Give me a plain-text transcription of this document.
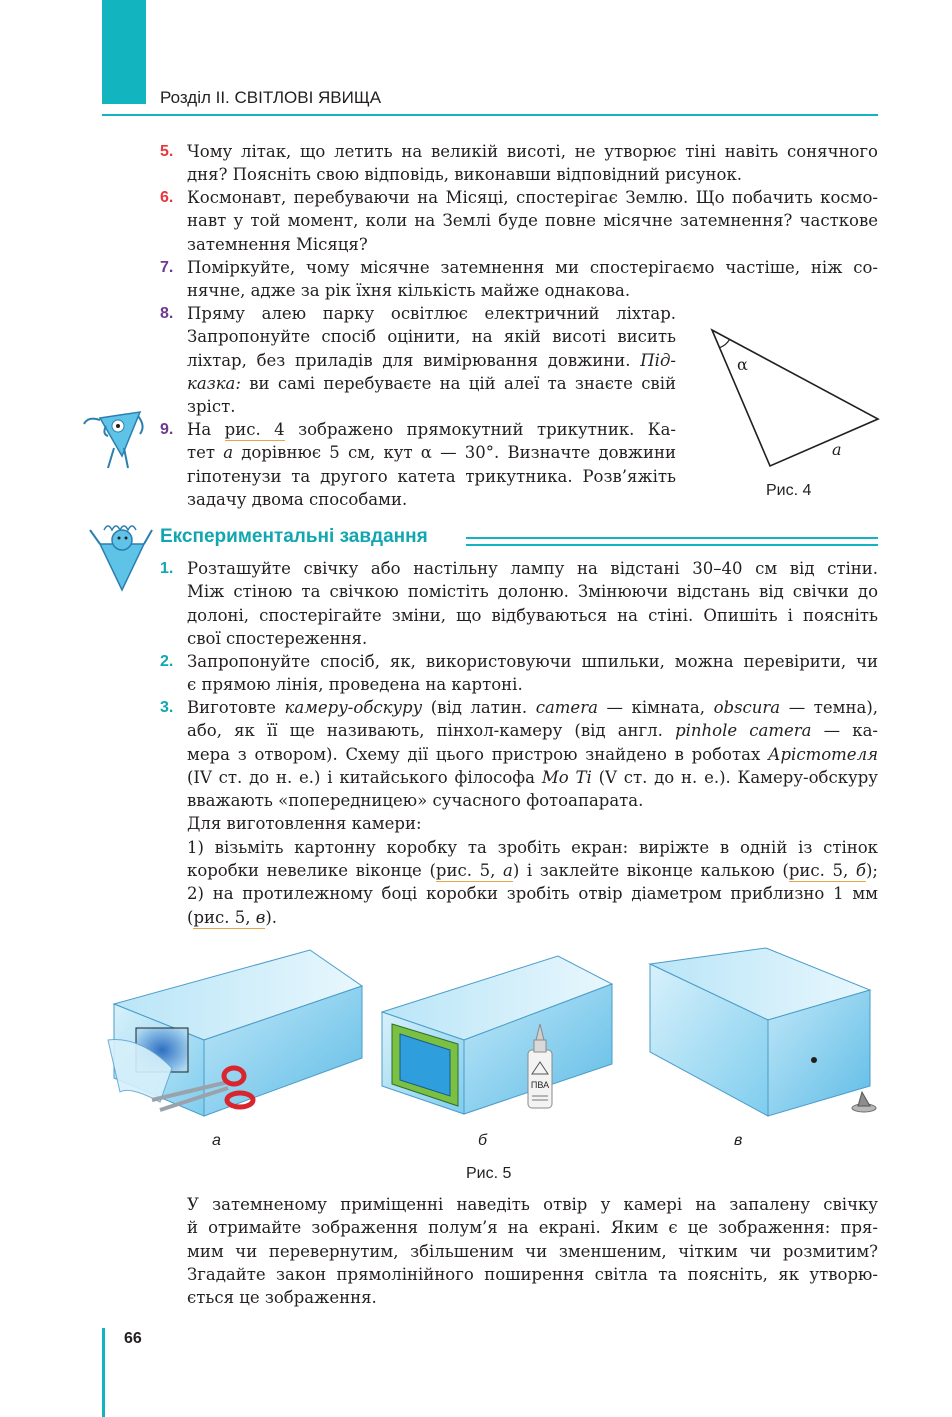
Розділ ІІ. СВІТЛОВІ ЯВИЩА
5. Чому літак, що летить на великій висоті, не утворює тіні навіть сонячного
дня? Поясніть свою відповідь, виконавши відповідний рисунок.
6. Космонавт, перебуваючи на Місяці, спостерігає Землю. Що побачить космо-
навт у той момент, коли на Землі буде повне місячне затемнення? часткове
затемнення Місяця?
7. Поміркуйте, чому місячне затемнення ми спостерігаємо частіше, ніж со-
нячне, адже за рік їхня кількість майже однакова.
8. Пряму алею парку освітлює електричний ліхтар.
Запропонуйте спосіб оцінити, на якій висоті висить
ліхтар, без приладів для вимірювання довжини. Під-
казка: ви самі перебуваєте на цій алеї та знаєте свій
зріст.
9. На рис. 4 зображено прямокутний трикутник. Ка-
тет a дорівнює 5 см, кут α — 30°. Визначте довжини
гіпотенузи та другого катета трикутника. Розв’яжіть
задачу двома способами.
α
a
Рис. 4
Експериментальні завдання
1. Розташуйте свічку або настільну лампу на відстані 30–40 см від стіни.
Між стіною та свічкою помістіть долоню. Змінюючи відстань від свічки до
долоні, спостерігайте зміни, що відбуваються на стіні. Опишіть і поясніть
свої спостереження.
2. Запропонуйте спосіб, як, використовуючи шпильки, можна перевірити, чи
є прямою лінія, проведена на картоні.
3. Виготовте камеру-обскуру (від латин. camera — кімната, obscura — темна),
або, як її ще називають, пінхол-камеру (від англ. pinhole camera — ка-
мера з отвором). Схему дії цього пристрою знайдено в роботах Арістотеля
(IV ст. до н. е.) і китайського філософа Мо Ті (V ст. до н. е.). Камеру-обскуру
вважають «попередницею» сучасного фотоапарата.
Для виготовлення камери:
1) візьміть картонну коробку та зробіть екран: виріжте в одній із стінок
коробки невелике віконце (рис. 5, а) і заклейте віконце калькою (рис. 5, б);
2) на протилежному боці коробки зробіть отвір діаметром приблизно 1 мм
(рис. 5, в).
ПВА
а	б	в
Рис. 5
У затемненому приміщенні наведіть отвір у камері на запалену свічку
й отримайте зображення полум’я на екрані. Яким є це зображення: пря-
мим чи перевернутим, збільшеним чи зменшеним, чітким чи розмитим?
Згадайте закон прямолінійного поширення світла та поясніть, як утворю-
ється це зображення.
66
